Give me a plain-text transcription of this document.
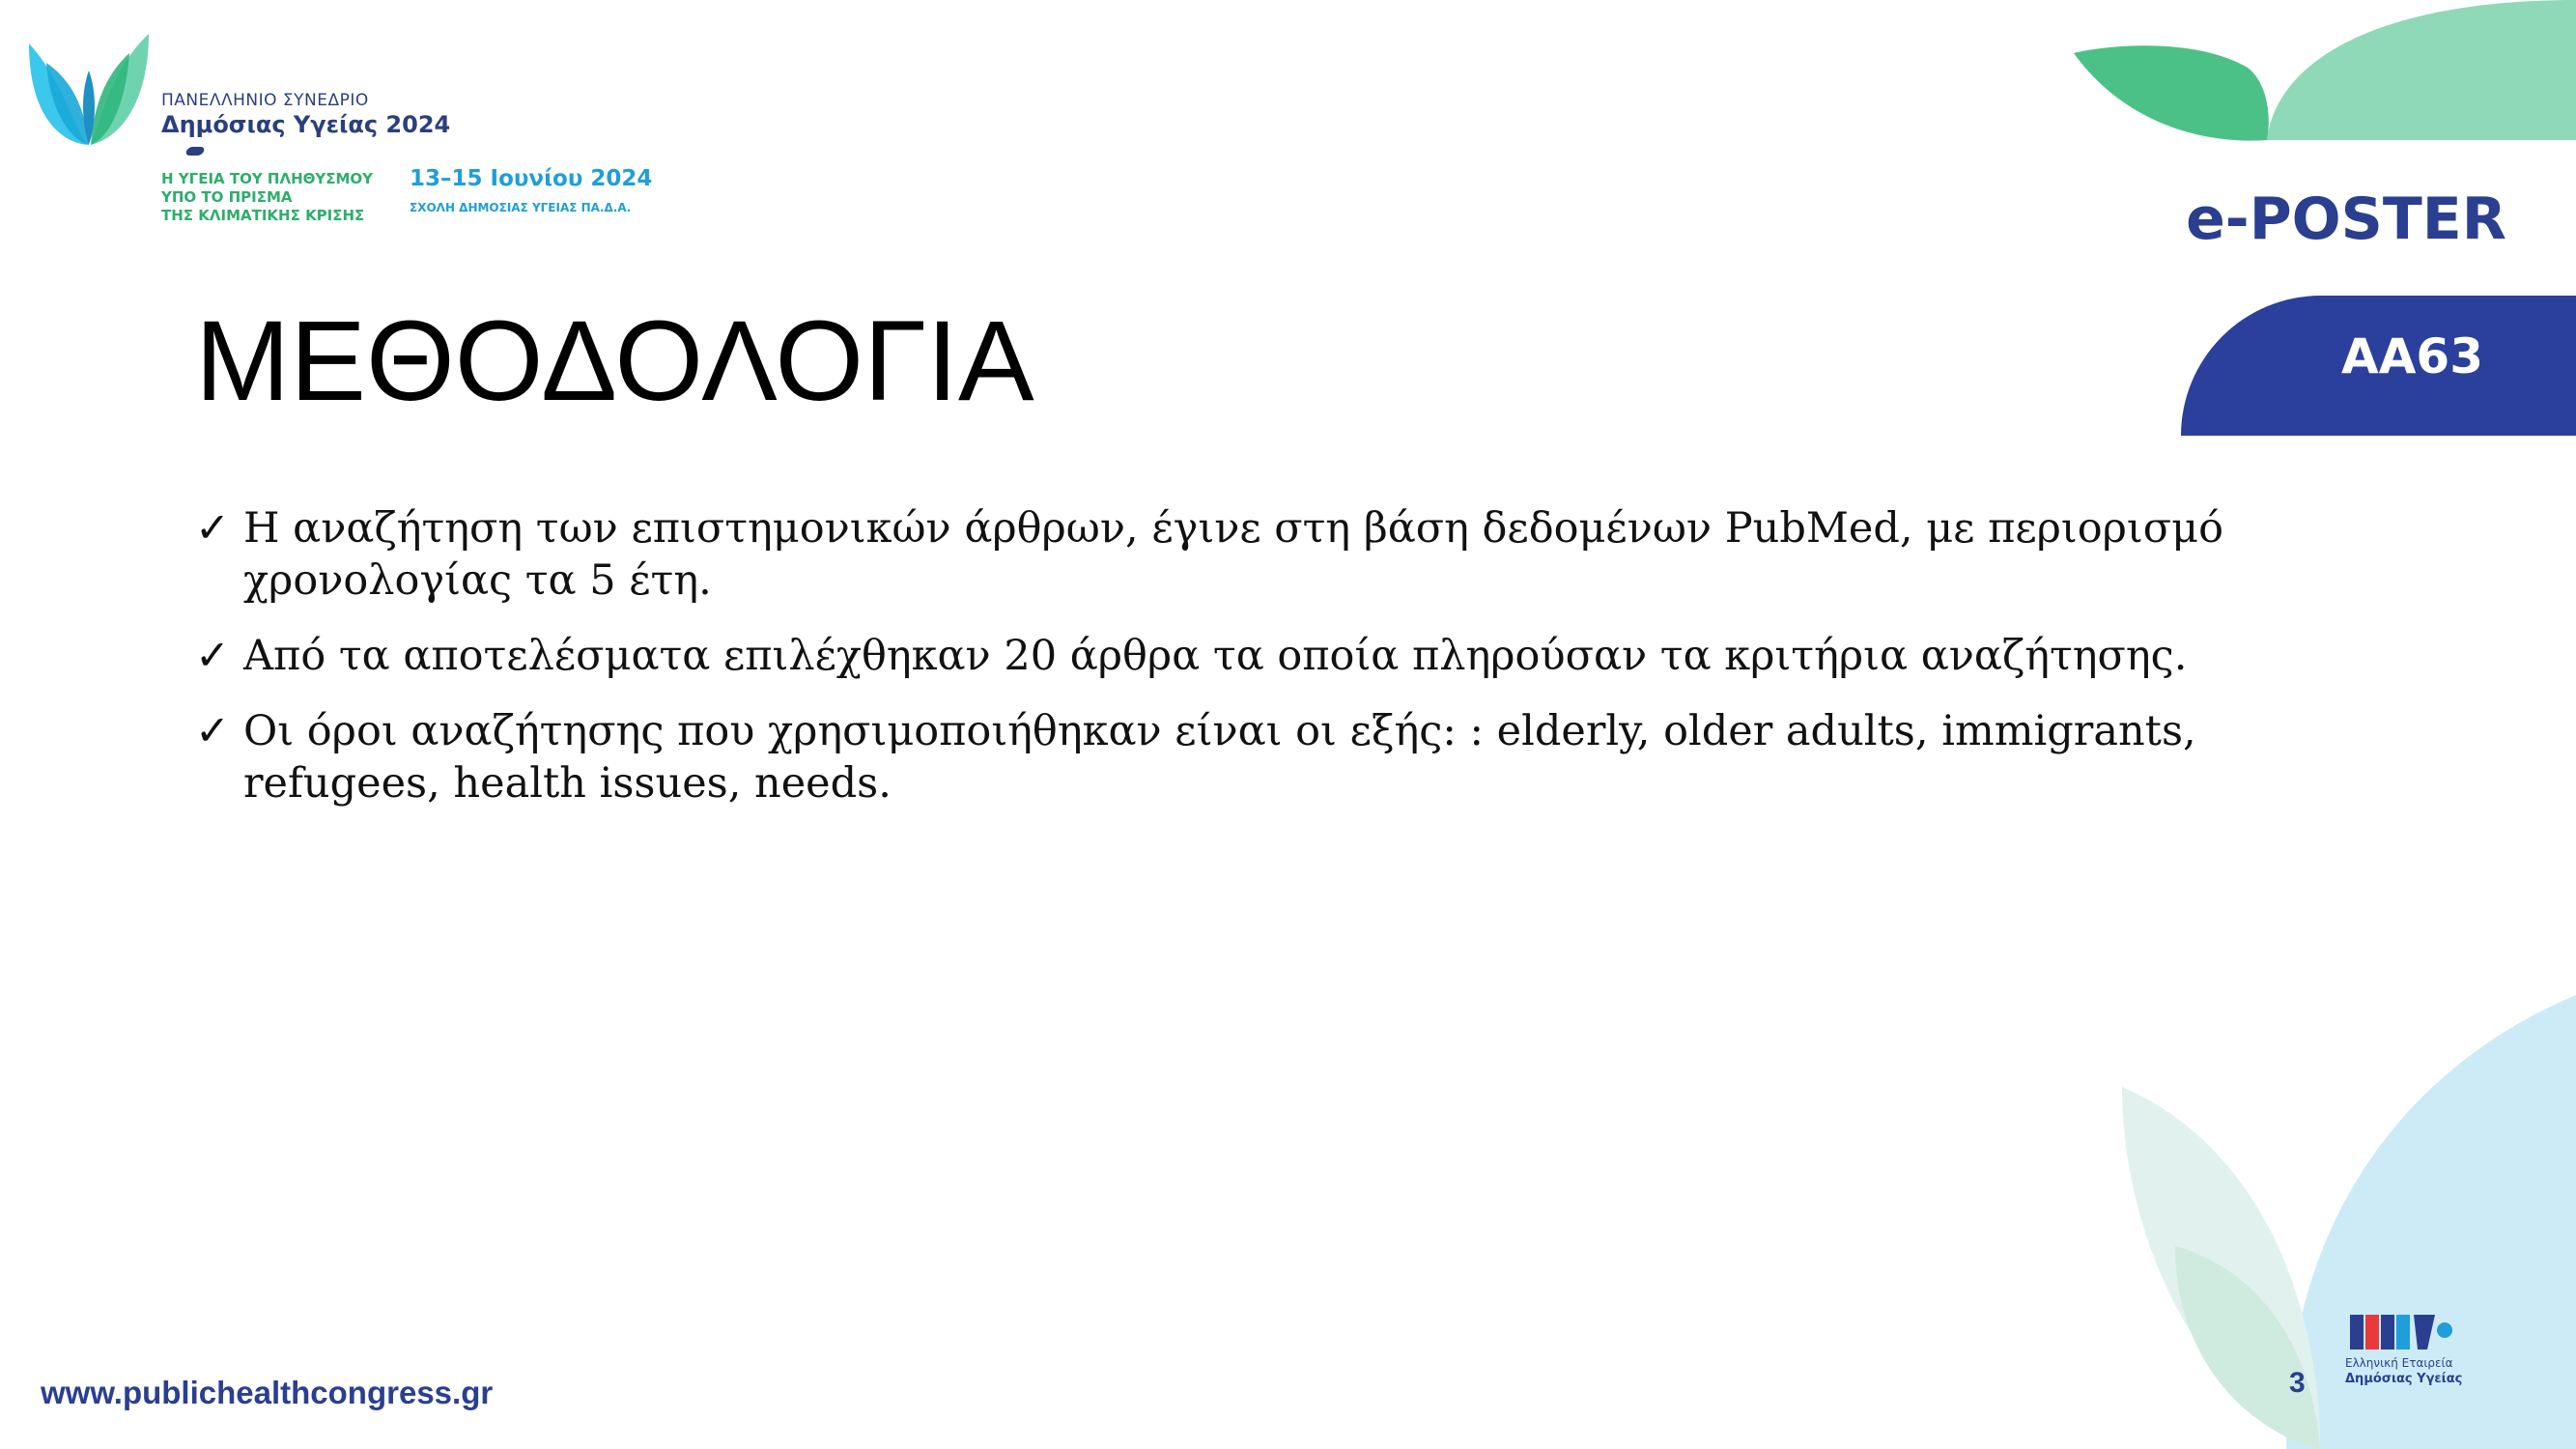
ΠΑΝΕΛΛΗΝΙΟ ΣΥΝΕΔΡΙΟ
Δημόσιας Υγείας 2024
Η ΥΓΕΙΑ ΤΟΥ ΠΛΗΘΥΣΜΟΥ
ΥΠΟ ΤΟ ΠΡΙΣΜΑ
ΤΗΣ ΚΛΙΜΑΤΙΚΗΣ ΚΡΙΣΗΣ
13–15 Ιουνίου 2024
ΣΧΟΛΗ ΔΗΜΟΣΙΑΣ ΥΓΕΙΑΣ ΠΑ.Δ.Α.	e-POSTER
ΑΑ63
ΜΕΘΟΔΟΛΟΓΙΑ
✓ Η αναζήτηση των επιστημονικών άρθρων, έγινε στη βάση δεδομένων PubMed, με περιορισμό χρονολογίας τα 5 έτη.
✓ Από τα αποτελέσματα επιλέχθηκαν 20 άρθρα τα οποία πληρούσαν τα κριτήρια αναζήτησης.
✓ Οι όροι αναζήτησης που χρησιμοποιήθηκαν είναι οι εξής: : elderly, older adults, immigrants, refugees, health issues, needs.
Ελληνική Εταιρεία
Δημόσιας Υγείας
3
www.publichealthcongress.gr
